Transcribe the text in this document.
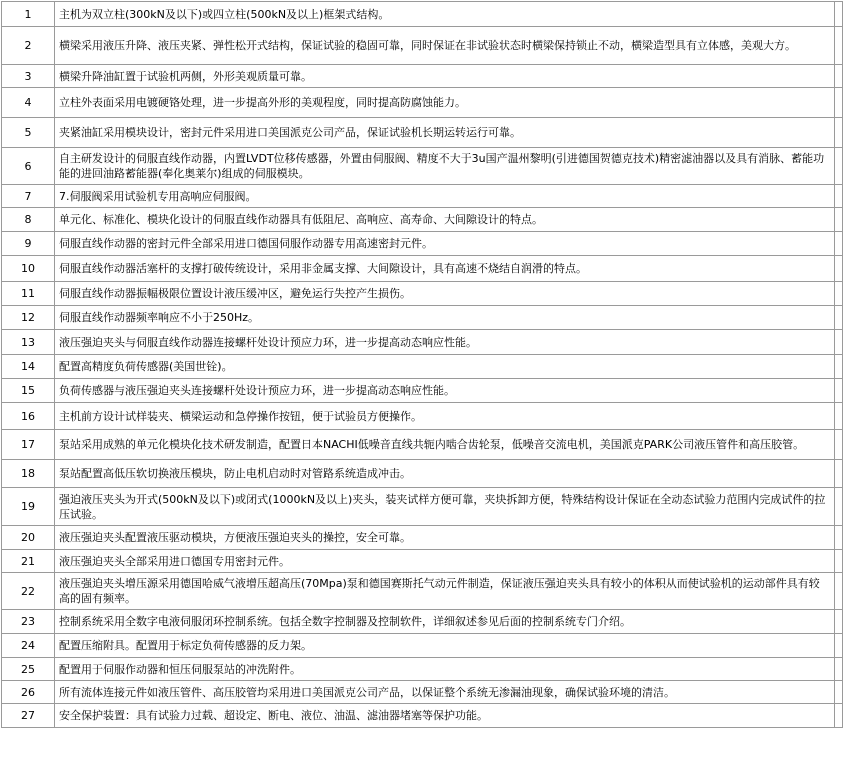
1	主机为双立柱(300kN及以下)或四立柱(500kN及以上)框架式结构。	
2	横梁采用液压升降、液压夹紧、弹性松开式结构，保证试验的稳固可靠，同时保证在非试验状态时横梁保持锁止不动，横梁造型具有立体感，美观大方。	
3	横梁升降油缸置于试验机两侧，外形美观质量可靠。	
4	立柱外表面采用电镀硬铬处理，进一步提高外形的美观程度，同时提高防腐蚀能力。	
5	夹紧油缸采用模块设计，密封元件采用进口美国派克公司产品，保证试验机长期运转运行可靠。	
6	自主研发设计的伺服直线作动器，内置LVDT位移传感器，外置由伺服阀、精度不大于3u国产温州黎明(引进德国贺德克技术)精密滤油器以及具有消脉、蓄能功能的进回油路蓄能器(奉化奥莱尔)组成的伺服模块。	
7	7.伺服阀采用试验机专用高响应伺服阀。	
8	单元化、标准化、模块化设计的伺服直线作动器具有低阻尼、高响应、高寿命、大间隙设计的特点。	
9	伺服直线作动器的密封元件全部采用进口德国伺服作动器专用高速密封元件。	
10	伺服直线作动器活塞杆的支撑打破传统设计，采用非金属支撑、大间隙设计，具有高速不烧结自润滑的特点。	
11	伺服直线作动器振幅极限位置设计液压缓冲区，避免运行失控产生损伤。	
12	伺服直线作动器频率响应不小于250Hz。	
13	液压强迫夹头与伺服直线作动器连接螺杆处设计预应力环，进一步提高动态响应性能。	
14	配置高精度负荷传感器(美国世铨)。	
15	负荷传感器与液压强迫夹头连接螺杆处设计预应力环，进一步提高动态响应性能。	
16	主机前方设计试样装夹、横梁运动和急停操作按钮，便于试验员方便操作。	
17	泵站采用成熟的单元化模块化技术研发制造，配置日本NACHI低噪音直线共轭内啮合齿轮泵，低噪音交流电机，美国派克PARK公司液压管件和高压胶管。	
18	泵站配置高低压软切换液压模块，防止电机启动时对管路系统造成冲击。	
19	强迫液压夹头为开式(500kN及以下)或闭式(1000kN及以上)夹头，装夹试样方便可靠，夹块拆卸方便，特殊结构设计保证在全动态试验力范围内完成试件的拉压试验。	
20	液压强迫夹头配置液压驱动模块，方便液压强迫夹头的操控，安全可靠。	
21	液压强迫夹头全部采用进口德国专用密封元件。	
22	液压强迫夹头增压源采用德国哈威气液增压超高压(70Mpa)泵和德国赛斯托气动元件制造，保证液压强迫夹头具有较小的体积从而使试验机的运动部件具有较高的固有频率。	
23	控制系统采用全数字电液伺服闭环控制系统。包括全数字控制器及控制软件，详细叙述参见后面的控制系统专门介绍。	
24	配置压缩附具。配置用于标定负荷传感器的反力架。	
25	配置用于伺服作动器和恒压伺服泵站的冲洗附件。	
26	所有流体连接元件如液压管件、高压胶管均采用进口美国派克公司产品，以保证整个系统无渗漏油现象，确保试验环境的清洁。	
27	安全保护装置：具有试验力过载、超设定、断电、液位、油温、滤油器堵塞等保护功能。	
